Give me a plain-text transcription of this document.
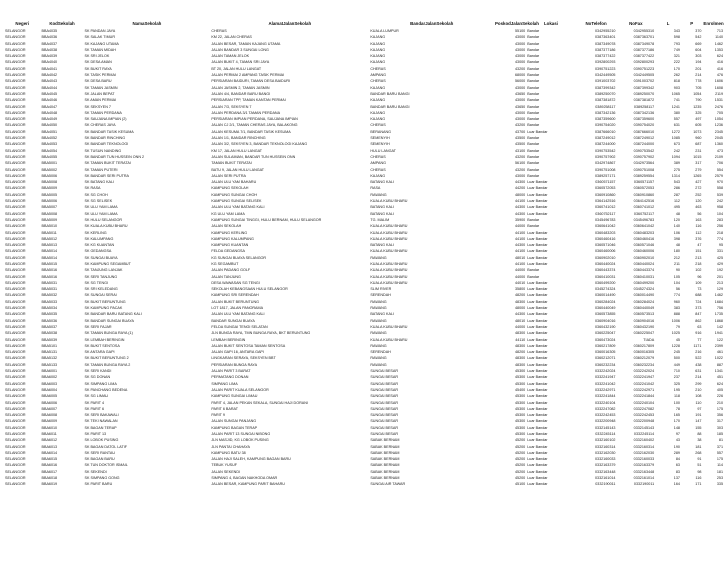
Negeri	KodSekolah	NamaSekolah	AlamatJalanSekolah	BandarJalanSekolah	PoskodJalanSekolah	Lokasi	NoTelefon	NoFax	L	P	Enrolmen
SELANGOR	BBA4035	SK PANDAN JAYA	CHERAS	KUALA LUMPUR	55100	Bandar	0342955210	0342955310	343	370	713
SELANGOR	BBA4036	SK SALAK TIMUR	KM 22, JALAN CHERAS	KAJANG	43000	Bandar	0387363401	0387363701	598	542	1140
SELANGOR	BBA4037	SK KAJANG UTAMA	JALAN BESAR, TAMAN KAJANG UTAMA	KAJANG	43000	Bandar	0387349078	0387349078	793	669	1462
SELANGOR	BBA4038	SK TAMAN MIDAH	JALAN BANDAR 3 SUNGAI LONG	KAJANG	43000	Bandar	0387377186	0387377186	749	604	1353
SELANGOR	BBA4039	SK SRI JELOK	JALAN TAMAN JELOK	KAJANG	43000	Bandar	0387377422	0387377422	321	303	624
SELANGOR	BBA4040	SK DESA AMAN	JALAN BUKIT 4, TAMAN SRI JAYA	KAJANG	43000	Bandar	0392800293	0392800293	222	194	416
SELANGOR	BBA4041	SK BUKIT RAYA	BT 20, JALAN HULU LANGAT	CHERAS	43200	Bandar	0390751223	0390751223	170	201	416
SELANGOR	BBA4042	SK TASIK PERMAI	JALAN PERMAI 2 AMPANG TASIK PERMAI	AMPANG	68000	Bandar	0342449505	0342449505	262	214	476
SELANGOR	BBA4043	SK DESA BARU	PERSIARAN BAIDURI, TAMAN DESA BAIDURI	CHERAS	56000	Bandar	0391003702	0391003702	818	778	1606
SELANGOR	BBA4044	SK TAMAN JASMIN	JALAN JASMIN 2, TAMAN JASMIN	KAJANG	43000	Bandar	0387399342	0387399342	903	705	1608
SELANGOR	BBA4045	SK JALAN BEPAT	JALAN 4/4, BANDAR BARU BANGI	BANDAR BARU BANGI	43650	Bandar	0389250070	0389250070	1065	1054	2119
SELANGOR	BBA4046	SK AMAN PERMAI	PERSIARAN TPP, TAMAN KANTAN PERMAI	KAJANG	43000	Bandar	0387381872	0387381872	741	790	1531
SELANGOR	BBA4047	SK SEKSYEN 7	JALAN 7/3, SEKSYEN 7	BANDAR BARU BANGI	43650	Bandar	0389258117	0389258117	1241	1235	2476
SELANGOR	BBA4048	SK TAMAN PERDANA	JALAN PERDANA 3/1 TAMAN PERDANA	KAJANG	43000	Bandar	0387342136	0387342136	380	325	705
SELANGOR	BBA4049	SK SAUJANA IMPIAN (2)	PERSIARAN IMPIAN PERDANA, SAUJANA IMPIAN	KAJANG	43000	Bandar	0387359600	0387359600	557	497	1054
SELANGOR	BBA4050	SK CHERAS JAYA	JALAN CJ 2/1, TAMAN CHERAS JAYA, BALAKONG	CHERAS	43200	Bandar	0390754020	0390754020	631	605	1236
SELANGOR	BBA4051	SK BANDAR TASIK KESUMA	JALAN KESUMA 7/1, BANDAR TASIK KESUMA	BERANANG	43700	Luar Bandar	0387666010	0387666010	1272	1073	2345
SELANGOR	BBA4052	SK BANDAR RINCHING	JALAN 1/1, BANDAR RINCHING	SEMENYIH	43500	Bandar	0387249012	0387249012	1085	960	2045
SELANGOR	BBA4053	SK BANDAR TEKNOLOGI	JALAN 3/2, SEKSYEN 3, BANDAR TEKNOLOGI KAJANG	SEMENYIH	43500	Bandar	0387244000	0387244000	673	687	1360
SELANGOR	BBA4054	SK TUSUN NANDING	KM 17, JALAN HULU LANGAT	HULU LANGAT	43100	Bandar	0390753542	0390753542	242	231	473
SELANGOR	BBA4055	SK BANDAR TUN HUSSEIN ONN 2	JALAN SULAIMAN, BANDAR TUN HUSSEIN ONN	CHERAS	43200	Bandar	0390757902	0390757902	1094	1015	2109
SELANGOR	BBA5001	SK TAMAN BUKIT TERATAI	TAMAN BUKIT TERATAI	AMPANG	56100	Bandar	0342974867	0342973564	389	317	706
SELANGOR	BBA5002	SK TAMAN PUTERI	BATU 9, JALAN HULU LANGAT	CHERAS	43200	Bandar	0390751008	0390751008	275	279	554
SELANGOR	BBA5006	SK BANDAR SERI PUTRA	JALAN SERI PUTRA	KAJANG	43000	Bandar	0389257171	0389259554	1314	1265	2579
SELANGOR	BBA5008	SK BATANG KALI	JALAN ULU YAM BAHARU	BATANG KALI	44300	Luar Bandar	0360571157	0360571157	543	427	970
SELANGOR	BBA5009	SK RASA	KAMPUNG SEKOLAH	RASA	44200	Luar Bandar	0360572053	0360572053	286	272	558
SELANGOR	BBA5005	SK SG CHOH	KAMPUNG SUNGAI CHOH	RAWANG	48000	Luar Bandar	0360910860	0360910860	287	252	539
SELANGOR	BBA5006	SK SG SELISEK	KAMPUNG SUNGAI SELISEK	KUALA KUBU BHARU	44100	Luar Bandar	0364142516	0364142516	112	120	242
SELANGOR	BBA5007	SK ULU YAM LAMA	JALAN ULU YAM BATANG KALI	BATANG KALI	44300	Luar Bandar	0360741012	0360741012	495	463	958
SELANGOR	BBA5008	SK ULU YAM LAMA	KG ULU YAM LAMA	BATANG KALI	44300	Luar Bandar	0360752117	0360752117	48	56	104
SELANGOR	BBA5009	SK HULU SELANGOR	KAMPUNG SUNGAI TINGGI, HULU BERNAM, HULU SELANGOR	TG. MALIM	35900	Bandar	0345496783	0345496783	120	163	283
SELANGOR	BBA5010	SK KUALA KUBU BHARU	JALAN SEKOLAH	KUALA KUBU BHARU	44000	Bandar	0360641042	0360641042	140	116	256
SELANGOR	BBA5011	SK KERLING	KAMPUNG KERLING	KUALA KUBU BHARU	44100	Luar Bandar	0360483203	0360483203	106	112	218
SELANGOR	BBA5012	SK KALUMPANG	KAMPUNG KALUMPANG	KUALA KUBU BHARU	44100	Luar Bandar	0360460416	0360460416	398	376	774
SELANGOR	BBA5013	SK KG KUANTAN	KAMPUNG KUANTAN	BATANG KALI	44300	Luar Bandar	0360571046	0360571046	48	47	95
SELANGOR	BBA5014	SK GEDANGSA	FELDA GEDANGSA	KUALA KUBU BHARU	44100	Luar Bandar	0360460006	0360460006	180	151	331
SELANGOR	BBA5014	SK SUNGAI BUAYA	KG SUNGAI BUAYA SELANGOR	RAWANG	48010	Luar Bandar	0360902010	0360902010	212	213	425
SELANGOR	BBA5015	SK KAMPUNG SEGAMBUT	KG SEGAMBUT	KUALA KUBU BHARU	44100	Luar Bandar	0360440024	0360440024	211	218	429
SELANGOR	BBA5016	SK TANJUNG LANJAK	JALAN PADANG GOLF	KUALA KUBU BHARU	44000	Bandar	0360443374	0360443374	90	102	192
SELANGOR	BBA5016	SK SERI TANJUNG	JALAN TANJUNG	KUALA KUBU BHARU	44000	Bandar	0360410031	0360410031	105	96	201
SELANGOR	BBA5031	SK SG TENGI	DESA WAWASAN SG TENGI	KUALA KUBU BHARU	44010	Luar Bandar	0360499200	0360499200	104	109	213
SELANGOR	BBA5031	SK SRI KELEDANG	SEKOLAH KEBANGSAAN HULU SELANGOR	SLIM RIVER	35800	Luar Bandar	0345274324	0345274324	56	73	129
SELANGOR	BBA5032	SK SUNGAI SERAI	KAMPUNG SRI SERENDAH	SERENDAH	48200	Luar Bandar	0360014490	0360014490	774	688	1462
SELANGOR	BBA5033	SK BUKIT BERUNTUNG	JALAN BUKIT BERUNTUNG	RAWANG	48300	Luar Bandar	0360284024	0360284024	960	724	1684
SELANGOR	BBA5034	SK KAMPUNG PACAK	LOT 1817, JALAN PANORAMA	RAWANG	48000	Luar Bandar	0360440049	0360440049	383	373	756
SELANGOR	BBA5035	SK BANDAR BARU BATANG KALI	JALAN ULU YAM BATANG KALI	BATANG KALI	44300	Luar Bandar	0360573855	0360573513	888	847	1735
SELANGOR	BBA5036	SK BANDAR SUNGAI BUAYA	BANDAR SUNGAI BUAYA	RAWANG	48010	Luar Bandar	0360904016	0360904016	1006	862	1868
SELANGOR	BBA5037	SK SERI FAJAR	FELDA SUNGAI TENGI SELATAN	KUALA KUBU BHARU	44000	Luar Bandar	0360432190	0360432190	79	63	142
SELANGOR	BBA5038	SK TAMAN BUNGA RAYA (1)	JLN BUNGA RAYA, TMN BUNGA RAYA, BKT BERUNTUNG	RAWANG	48300	Luar Bandar	0360225047	0360225047	1025	916	1941
SELANGOR	BBA5039	SK LEMBAH BERINGIN	LEMBAH BERINGIN	KUALA KUBU BHARU	44110	Luar Bandar	0360473024	TIADA	45	77	122
SELANGOR	BBA5101	SK BUKIT SENTOSA	JALAN BUKIT SENTOSA TAMAN SENTOSA	RAWANG	48300	Luar Bandar	0360217809	0360217809	1228	1171	2399
SELANGOR	BBA5131	SK ANTARA GAPI	JALAN GAPI 16, ANTARA GAPI	SERENDAH	48200	Luar Bandar	0360016305	0360016305	245	216	461
SELANGOR	BBA5132	SK BUKIT BERUNTUNG 2	LINGKARAN SERAYA, SEKSYEN BBT	RAWANG	48300	Luar Bandar	0360212071	0360212079	500	522	1022
SELANGOR	BBA5133	SK TAMAN BUNGA RAYA 2	PERSIARAN BUNGA RAYA	RAWANG	48300	Luar Bandar	0360232234	0360232234	449	438	887
SELANGOR	BBA6001	SK SERI KANDI	JALAN PARIT 3 BARAT	SUNGAI BESAR	45300	Luar Bandar	0332242024	0332242024	710	631	1341
SELANGOR	BBA6002	SK SG DONAN	PERMATANG DONAN	SUNGAI BESAR	45300	Luar Bandar	0332241947	0332241947	237	214	451
SELANGOR	BBA6003	SK SIMPANG LIMA	SIMPANG LIMA	SUNGAI BESAR	45300	Luar Bandar	0332241042	0332241042	325	299	624
SELANGOR	BBA6004	SK PANCHANG BEDENA	JALAN PARIT KUALA SELANGOR	SUNGAI BESAR	45400	Luar Bandar	0332242971	0332242971	195	210	405
SELANGOR	BBA6005	SK SG LIMAU	KAMPUNG SUNGAI LIMAU	SUNGAI BESAR	45300	Luar Bandar	0332241844	0332241844	118	108	226
SELANGOR	BBA6006	SK PARIT 4	PARIT 4, JALAN PEKAN SEKALA, SUNGAI HAJI DORANI	SUNGAI BESAR	45300	Luar Bandar	0332240104	0332240104	100	110	210
SELANGOR	BBA6007	SK PARIT 6	PARIT 6 BARAT	SUNGAI BESAR	45300	Luar Bandar	0332247082	0332247082	78	97	175
SELANGOR	BBA6008	SK SERI BAKAWALI	PARIT 9	SUNGAI BESAR	45300	Luar Bandar	0332242453	0332242453	165	191	356
SELANGOR	BBA6009	SK TEKI NAWALAN	JALAN SUNGAI PANJANG	SUNGAI BESAR	45300	Luar Bandar	0332200948	0332200948	170	147	317
SELANGOR	BBA6010	SK BAGAN TERAP	KAMPUNG BAGAN TERAP	SUNGAI BESAR	45300	Luar Bandar	0332145143	0332145143	148	155	303
SELANGOR	BBA6011	SK PARIT 13	JALAN PARIT 13 SUNGAI NIBONG	SUNGAI BESAR	45300	Luar Bandar	0332245114	0332245114	97	88	185
SELANGOR	BBA6012	SK LOBOK PUSING	JLN MASJID, KG LOBOK PUSING	SABAK BERNAM	45200	Luar Bandar	0332160102	0332160402	43	38	81
SELANGOR	BBA6013	SK BAGAN DATOL LATIF	JLN PANTAI CHAHAYA	SABAK BERNAM	45200	Luar Bandar	0332160314	0332160314	190	181	371
SELANGOR	BBA6014	SK SERI RANTAU	KAMPUNG BATU 38	SABAK BERNAM	45200	Luar Bandar	0332162030	0332162030	289	268	557
SELANGOR	BBA6015	SK BAGAN BARU	JALAN HAJI SALEH, KAMPUNG BAGAN BARU	SABAK BERNAM	45200	Luar Bandar	0332160033	0332160033	84	91	175
SELANGOR	BBA6016	SK TUN DOKTOR ISMAIL	TEBUK YUSUF	SABAK BERNAM	45200	Luar Bandar	0332163379	0332163379	63	51	114
SELANGOR	BBA6017	SK SEKENDI	JALAN SEKENDI	SABAK BERNAM	45200	Luar Bandar	0332163448	0332163448	83	98	181
SELANGOR	BBA6018	SK SIMPANG GONG	SIMPANG 4, BAGAN NAKHODA OMAR	SABAK BERNAM	45200	Luar Bandar	0332161014	0332161014	137	116	253
SELANGOR	BBA6019	SK PARIT BARU	JALAN BESAR, KAMPUNG PARIT BAHARU	SUNGAI AIR TAWAR	45100	Luar Bandar	0332190011	0332190011	164	171	335
